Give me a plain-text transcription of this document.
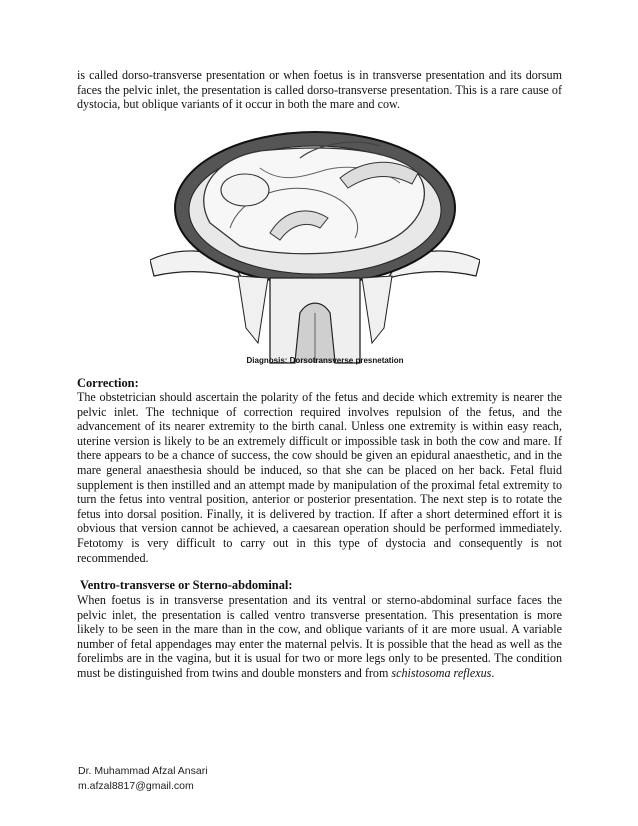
is called dorso-transverse presentation or when foetus is in transverse presentation and its dorsum faces the pelvic inlet, the presentation is called dorso-transverse presentation. This is a rare cause of dystocia, but oblique variants of it occur in both the mare and cow.

Diagnosis: Dorsotransverse presnetation
Correction:

The obstetrician should ascertain the polarity of the fetus and decide which extremity is nearer the pelvic inlet. The technique of correction required involves repulsion of the fetus, and the advancement of its nearer extremity to the birth canal. Unless one extremity is within easy reach, uterine version is likely to be an extremely difficult or impossible task in both the cow and mare. If there appears to be a chance of success, the cow should be given an epidural anaesthetic, and in the mare general anaesthesia should be induced, so that she can be placed on her back. Fetal fluid supplement is then instilled and an attempt made by manipulation of the proximal fetal extremity to turn the fetus into ventral position, anterior or posterior presentation. The next step is to rotate the fetus into dorsal position. Finally, it is delivered by traction. If after a short determined effort it is obvious that version cannot be achieved, a caesarean operation should be performed immediately. Fetotomy is very difficult to carry out in this type of dystocia and consequently is not recommended.

Ventro-transverse or Sterno-abdominal:

When foetus is in transverse presentation and its ventral or sterno-abdominal surface faces the pelvic inlet, the presentation is called ventro transverse presentation. This presentation is more likely to be seen in the mare than in the cow, and oblique variants of it are more usual. A variable number of fetal appendages may enter the maternal pelvis. It is possible that the head as well as the forelimbs are in the vagina, but it is usual for two or more legs only to be presented. The condition must be distinguished from twins and double monsters and from schistosoma reflexus.

Dr. Muhammad Afzal Ansari
m.afzal8817@gmail.com
